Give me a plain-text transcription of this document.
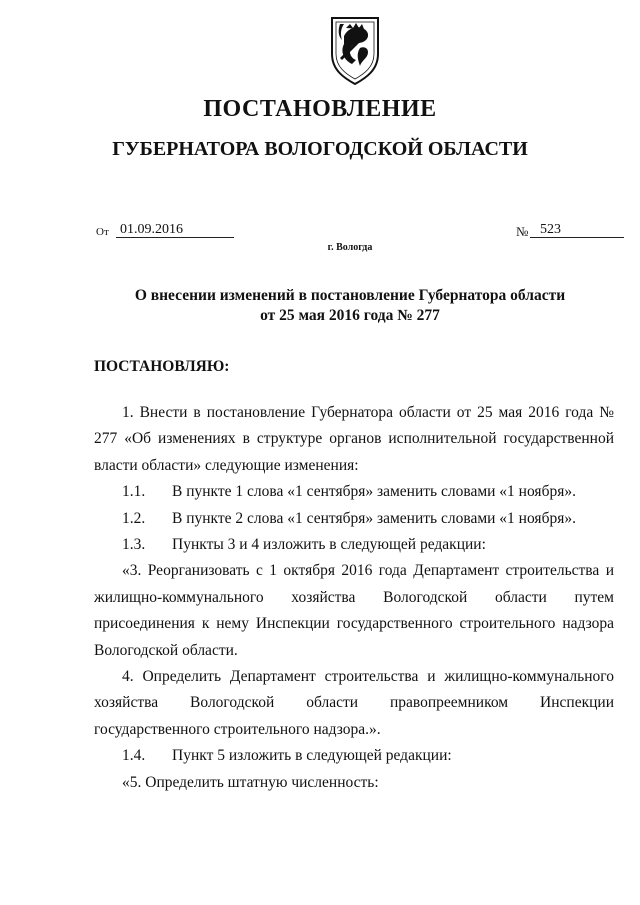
ПОСТАНОВЛЕНИЕ
ГУБЕРНАТОРА ВОЛОГОДСКОЙ ОБЛАСТИ
От 01.09.2016	№ 523
г. Вологда
О внесении изменений в постановление Губернатора области
от 25 мая 2016 года № 277
ПОСТАНОВЛЯЮ:

1. Внести в постановление Губернатора области от 25 мая 2016 года № 277 «Об изменениях в структуре органов исполнительной государственной власти области» следующие изменения:

1.1.	В пункте 1 слова «1 сентября» заменить словами «1 ноября».

1.2.	В пункте 2 слова «1 сентября» заменить словами «1 ноября».

1.3.	Пункты 3 и 4 изложить в следующей редакции:

«3. Реорганизовать с 1 октября 2016 года Департамент строительства и жилищно-коммунального хозяйства Вологодской области путем присоединения к нему Инспекции государственного строительного надзора Вологодской области.

4. Определить Департамент строительства и жилищно-коммунального хозяйства Вологодской области правопреемником Инспекции государственного строительного надзора.».

1.4.	Пункт 5 изложить в следующей редакции:

«5. Определить штатную численность:
